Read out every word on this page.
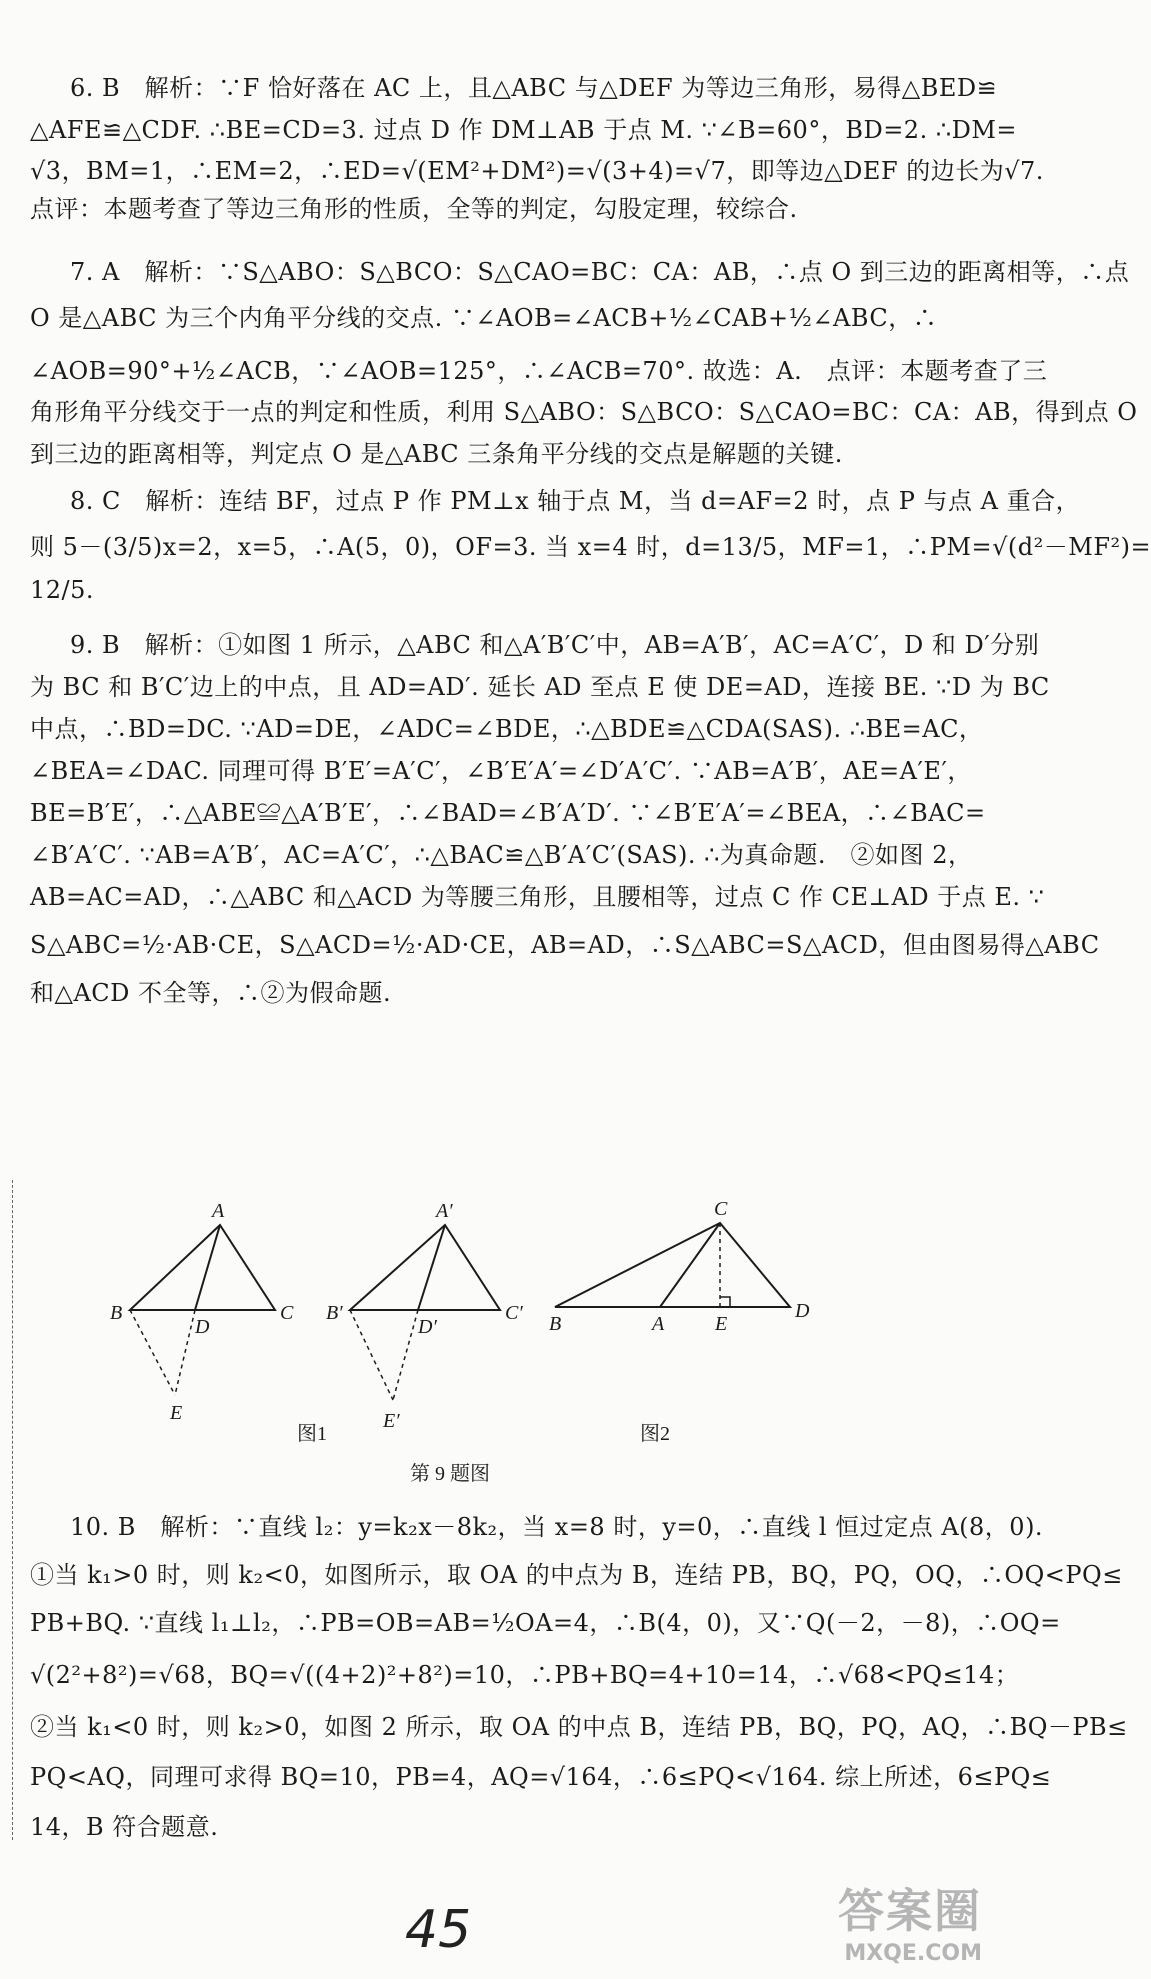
6. B　解析：∵F 恰好落在 AC 上，且△ABC 与△DEF 为等边三角形，易得△BED≌
△AFE≌△CDF. ∴BE=CD=3. 过点 D 作 DM⊥AB 于点 M. ∵∠B=60°，BD=2. ∴DM=
√3，BM=1，∴EM=2，∴ED=√(EM²+DM²)=√(3+4)=√7，即等边△DEF 的边长为√7.
点评：本题考查了等边三角形的性质，全等的判定，勾股定理，较综合.
7. A　解析：∵S△ABO：S△BCO：S△CAO=BC：CA：AB，∴点 O 到三边的距离相等，∴点
O 是△ABC 为三个内角平分线的交点. ∵∠AOB=∠ACB+½∠CAB+½∠ABC，∴
∠AOB=90°+½∠ACB，∵∠AOB=125°，∴∠ACB=70°. 故选：A.　点评：本题考查了三
角形角平分线交于一点的判定和性质，利用 S△ABO：S△BCO：S△CAO=BC：CA：AB，得到点 O
到三边的距离相等，判定点 O 是△ABC 三条角平分线的交点是解题的关键.
8. C　解析：连结 BF，过点 P 作 PM⊥x 轴于点 M，当 d=AF=2 时，点 P 与点 A 重合，
则 5－(3/5)x=2，x=5，∴A(5，0)，OF=3. 当 x=4 时，d=13/5，MF=1，∴PM=√(d²－MF²)=
12/5.
9. B　解析：①如图 1 所示，△ABC 和△A′B′C′中，AB=A′B′，AC=A′C′，D 和 D′分别
为 BC 和 B′C′边上的中点，且 AD=AD′. 延长 AD 至点 E 使 DE=AD，连接 BE. ∵D 为 BC
中点，∴BD=DC. ∵AD=DE，∠ADC=∠BDE，∴△BDE≌△CDA(SAS). ∴BE=AC，
∠BEA=∠DAC. 同理可得 B′E′=A′C′，∠B′E′A′=∠D′A′C′. ∵AB=A′B′，AE=A′E′，
BE=B′E′，∴△ABE≌△A′B′E′，∴∠BAD=∠B′A′D′. ∵∠B′E′A′=∠BEA，∴∠BAC=
∠B′A′C′. ∵AB=A′B′，AC=A′C′，∴△BAC≌△B′A′C′(SAS). ∴为真命题.　②如图 2，
AB=AC=AD，∴△ABC 和△ACD 为等腰三角形，且腰相等，过点 C 作 CE⊥AD 于点 E. ∵
S△ABC=½·AB·CE，S△ACD=½·AD·CE，AB=AD，∴S△ABC=S△ACD，但由图易得△ABC
和△ACD 不全等，∴②为假命题.
A
B	C
D
E
图1
A′
B′	C′
D′
E′
C
B	A	E
D
图2
第 9 题图
10. B　解析：∵直线 l₂：y=k₂x－8k₂，当 x=8 时，y=0，∴直线 l 恒过定点 A(8，0).
①当 k₁>0 时，则 k₂<0，如图所示，取 OA 的中点为 B，连结 PB，BQ，PQ，OQ，∴OQ<PQ≤
PB+BQ. ∵直线 l₁⊥l₂，∴PB=OB=AB=½OA=4，∴B(4，0)，又∵Q(－2，－8)，∴OQ=
√(2²+8²)=√68，BQ=√((4+2)²+8²)=10，∴PB+BQ=4+10=14，∴√68<PQ≤14；
②当 k₁<0 时，则 k₂>0，如图 2 所示，取 OA 的中点 B，连结 PB，BQ，PQ，AQ，∴BQ－PB≤
PQ<AQ，同理可求得 BQ=10，PB=4，AQ=√164，∴6≤PQ<√164. 综上所述，6≤PQ≤
14，B 符合题意.
45	答案圈
MXQE.COM
